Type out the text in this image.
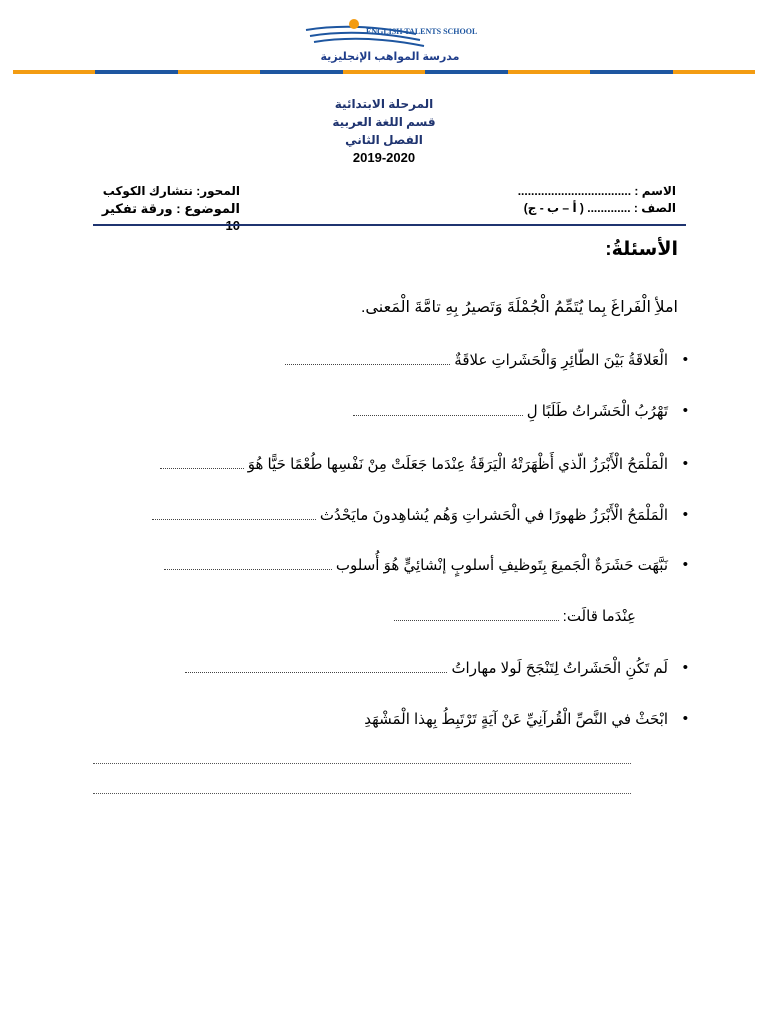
ENGLISH TALENTS SCHOOL
مدرسة المواهب الإنجليزية
المرحلة الابتدائية
قسم اللغة العربية
الفصل الثاني
2019-2020
الاسم : ..................................
الصف : ............. ( أ – ب - ج)
المحور: نتشارك الكوكب
الموضوع : ورقة تفكير
الأسئلةُ:
املأِ الْفَراغَ بِما يُتَمِّمُ الْجُمْلَةَ وَتَصيرُ بِهِ تامَّةَ الْمَعنى.
•
الْعَلاقَةُ بَيْنَ الطّائِرِ وَالْحَشَراتِ علاقَةٌ
•
تَهْرُبُ الْحَشَراتُ طَلَبًا لِ
•
الْمَلْمَحُ الْأَبْرَزُ الّذي أَظْهَرَتْهُ الْيَرَقَةُ عِنْدَما جَعَلَتْ مِنْ نَفْسِها طُعْمًا حَيًّا هُوَ
•
الْمَلْمَحُ الْأَبْرَزُ ظهورًا في الْحَشراتِ وَهُم يُشاهِدونَ مايَحْدُث
•
نَبَّهَت حَشَرَةٌ الْجَميعَ بِتَوظيفِ أسلوبٍ إنْشائِيٍّ هُوَ أُسلوب
عِنْدَما قالَت:
•
لَم تَكُنِ الْحَشَراتُ لِتَنْجَحَ لَولا مهاراتُ
•
ابْحَثْ في النَّصِّ الْقُرآنِيِّ عَنْ آيَةٍ تَرْتَبِطُ بِهذا الْمَشْهَدِ
